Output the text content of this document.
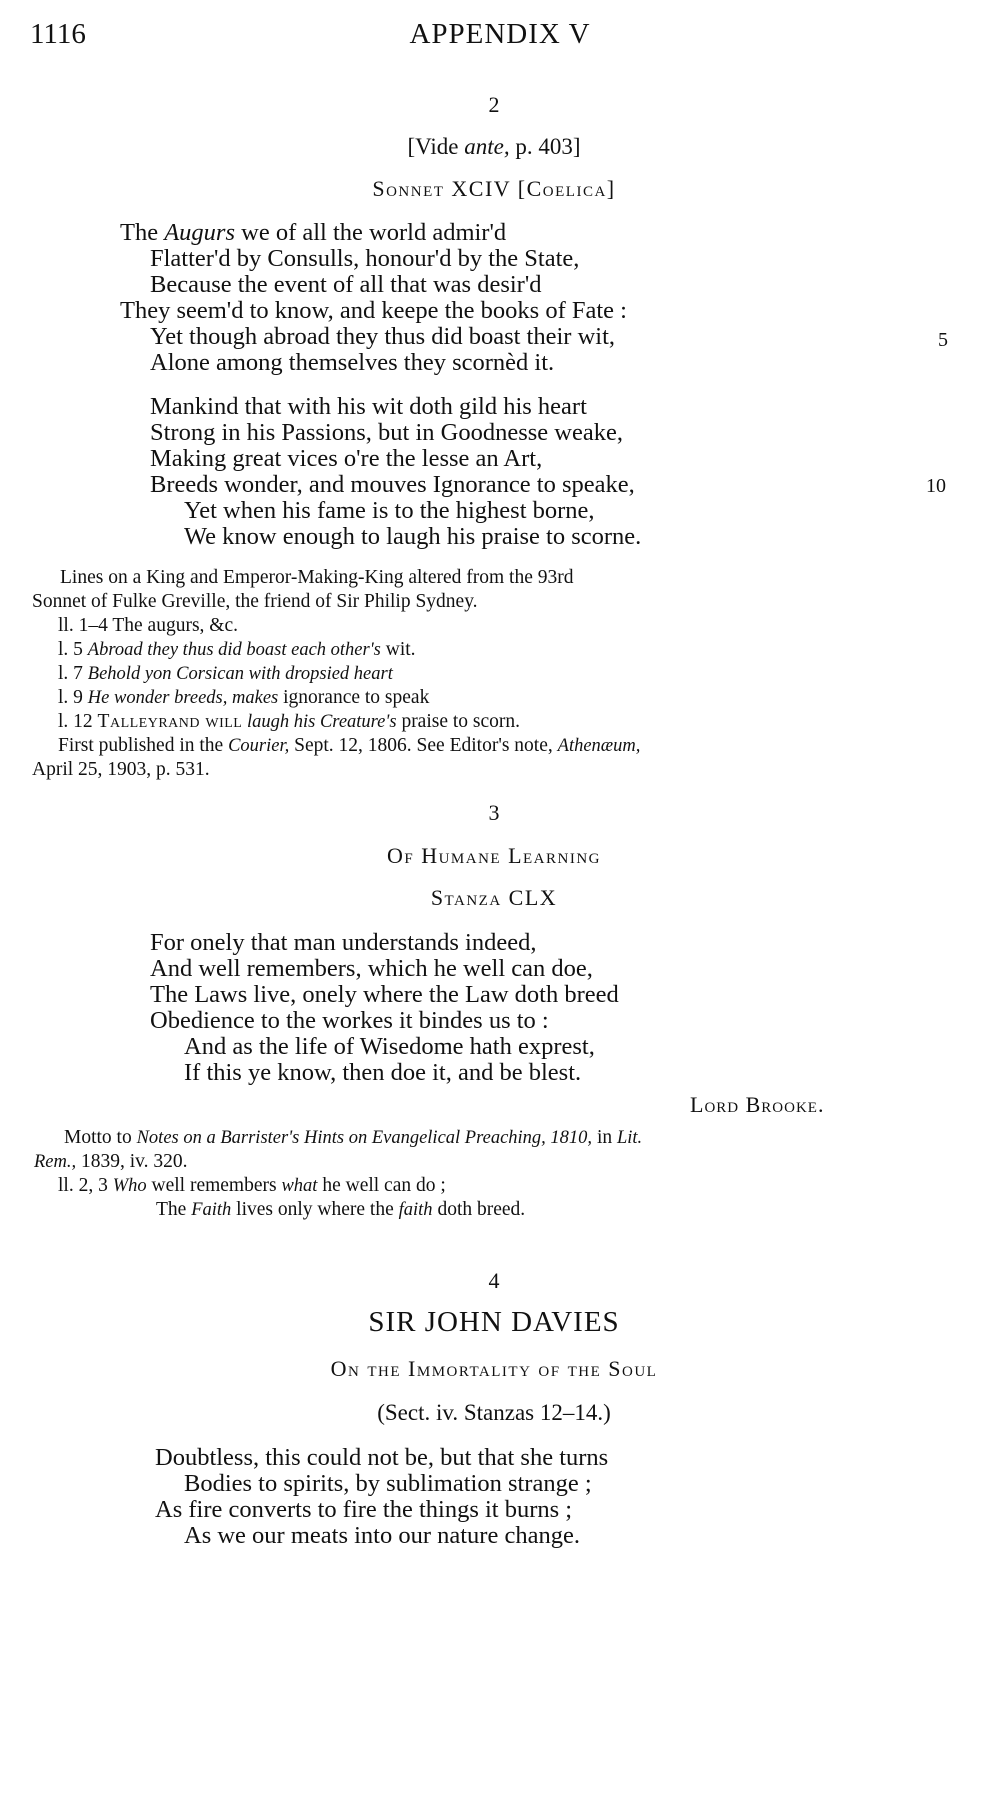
1116	APPENDIX V
2
[Vide ante, p. 403]
Sonnet XCIV [Coelica]
The Augurs we of all the world admir'd
Flatter'd by Consulls, honour'd by the State,
Because the event of all that was desir'd
They seem'd to know, and keepe the books of Fate :
Yet though abroad they thus did boast their wit,	5
Alone among themselves they scornèd it.
Mankind that with his wit doth gild his heart
Strong in his Passions, but in Goodnesse weake,
Making great vices o're the lesse an Art,
Breeds wonder, and mouves Ignorance to speake,	10
Yet when his fame is to the highest borne,
We know enough to laugh his praise to scorne.
Lines on a King and Emperor-Making-King altered from the 93rd
Sonnet of Fulke Greville, the friend of Sir Philip Sydney.
ll. 1–4 The augurs, &c.
l. 5 Abroad they thus did boast each other's wit.
l. 7 Behold yon Corsican with dropsied heart
l. 9 He wonder breeds, makes ignorance to speak
l. 12 Talleyrand will laugh his Creature's praise to scorn.
First published in the Courier, Sept. 12, 1806. See Editor's note, Athenæum,
April 25, 1903, p. 531.
3
Of Humane Learning
Stanza CLX
For onely that man understands indeed,
And well remembers, which he well can doe,
The Laws live, onely where the Law doth breed
Obedience to the workes it bindes us to :
And as the life of Wisedome hath exprest,
If this ye know, then doe it, and be blest.
Lord Brooke.
Motto to Notes on a Barrister's Hints on Evangelical Preaching, 1810, in Lit.
Rem., 1839, iv. 320.
ll. 2, 3 Who well remembers what he well can do ;
The Faith lives only where the faith doth breed.
4
SIR JOHN DAVIES
On the Immortality of the Soul
(Sect. iv. Stanzas 12–14.)
Doubtless, this could not be, but that she turns
Bodies to spirits, by sublimation strange ;
As fire converts to fire the things it burns ;
As we our meats into our nature change.
